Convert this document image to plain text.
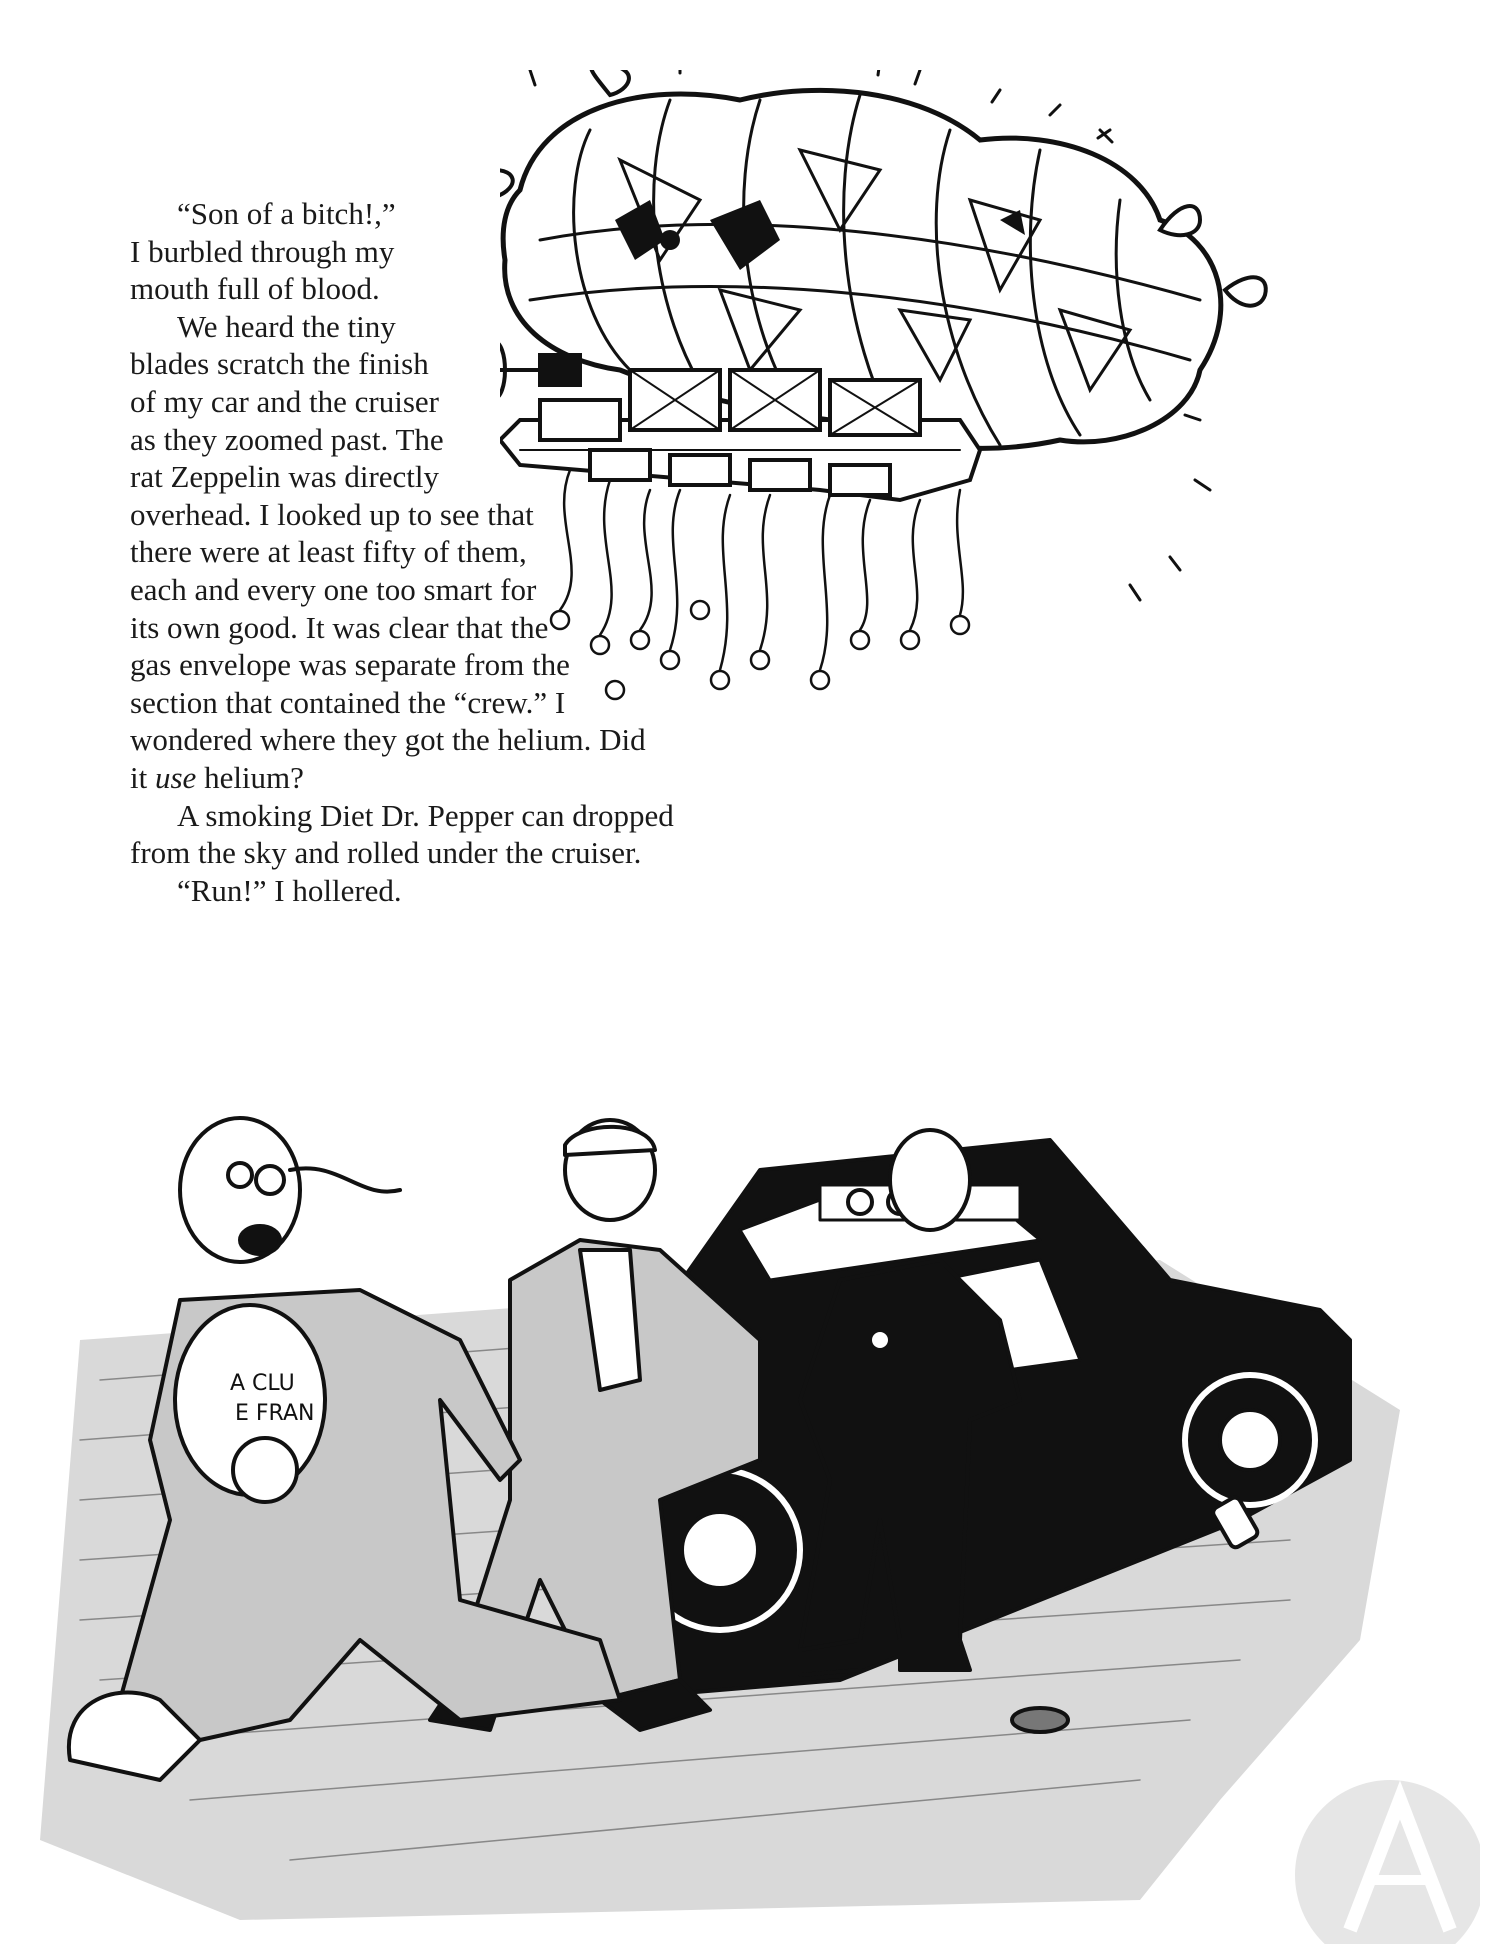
“Son of a bitch!,”
I burbled through my
mouth full of blood.
We heard the tiny
blades scratch the finish
of my car and the cruiser
as they zoomed past. The
rat Zeppelin was directly
overhead. I looked up to see that
there were at least fifty of them,
each and every one too smart for
its own good. It was clear that the
gas envelope was separate from the
section that contained the “crew.” I
wondered where they got the helium. Did
it use helium?
A smoking Diet Dr. Pepper can dropped
from the sky and rolled under the cruiser.
“Run!” I hollered.
A CLU
E FRAN
